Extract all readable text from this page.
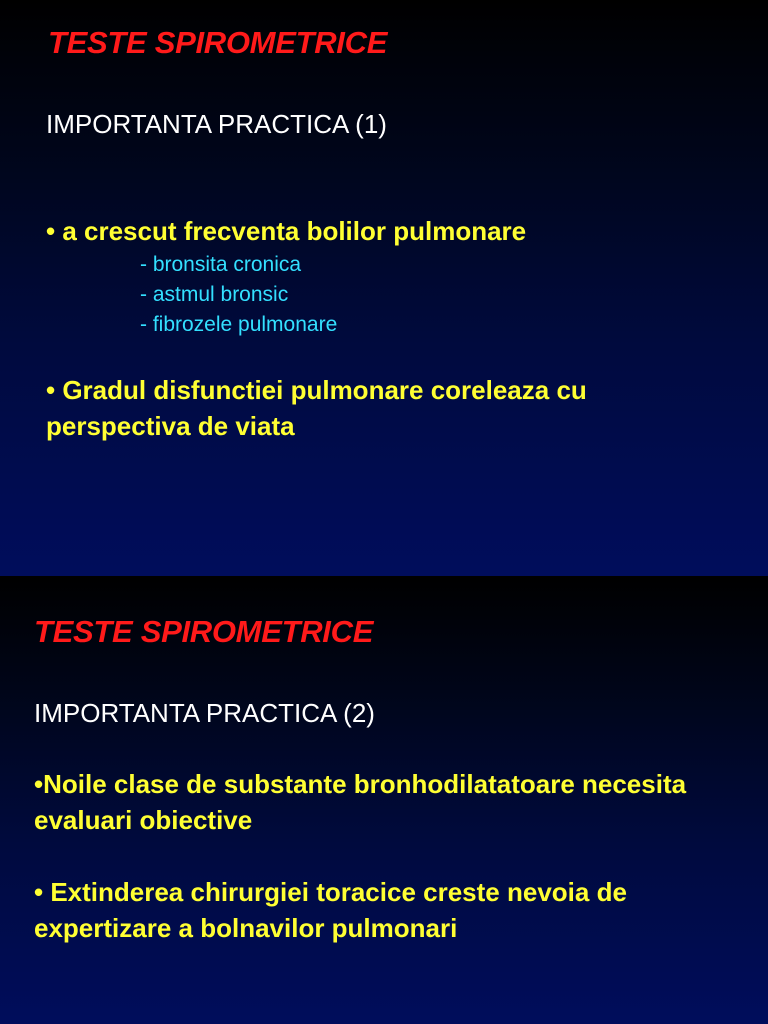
TESTE SPIROMETRICE
IMPORTANTA PRACTICA (1)
• a crescut frecventa bolilor pulmonare
- bronsita cronica
- astmul bronsic
- fibrozele pulmonare
• Gradul disfunctiei pulmonare coreleaza cu perspectiva de viata
TESTE SPIROMETRICE
IMPORTANTA PRACTICA (2)
•Noile clase de substante bronhodilatatoare necesita evaluari obiective
• Extinderea chirurgiei toracice creste nevoia de expertizare a bolnavilor pulmonari
